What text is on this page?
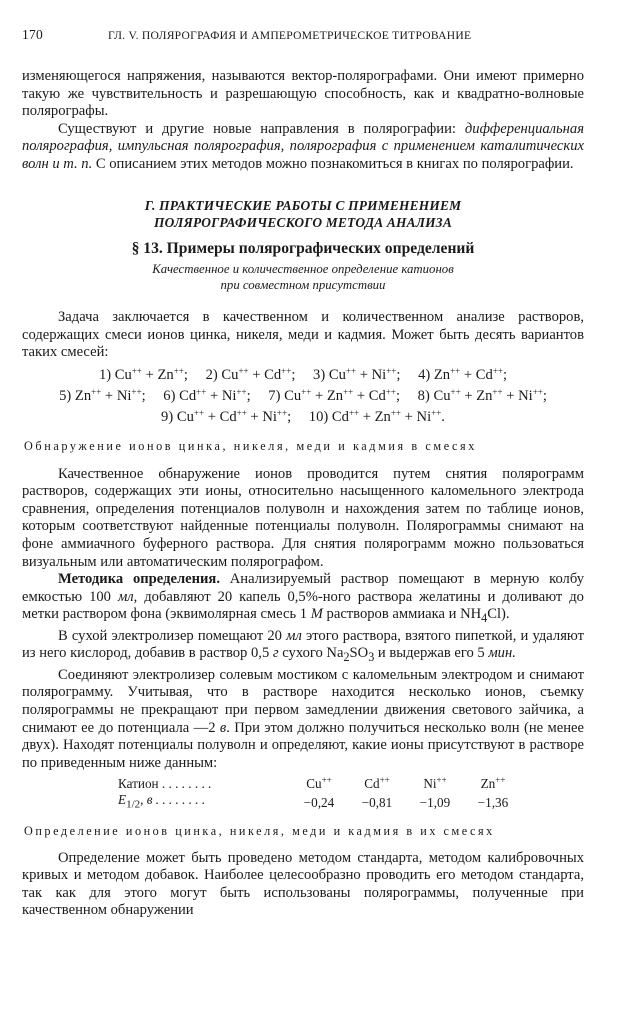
170	ГЛ. V. ПОЛЯРОГРАФИЯ И АМПЕРОМЕТРИЧЕСКОЕ ТИТРОВАНИЕ

изменяющегося напряжения, называются вектор-полярографами. Они имеют примерно такую же чувствительность и разрешающую способность, как и квадратно-волновые полярографы.

Существуют и другие новые направления в полярографии: дифференциальная полярография, импульсная полярография, полярография с применением каталитических волн и т. п. С описанием этих методов можно познакомиться в книгах по полярографии.

Г. ПРАКТИЧЕСКИЕ РАБОТЫ С ПРИМЕНЕНИЕМ
ПОЛЯРОГРАФИЧЕСКОГО МЕТОДА АНАЛИЗА
§ 13. Примеры полярографических определений
Качественное и количественное определение катионов
при совместном присутствии

Задача заключается в качественном и количественном анализе растворов, содержащих смеси ионов цинка, никеля, меди и кадмия. Может быть десять вариантов таких смесей:

1) Cu++ + Zn++; 2) Cu++ + Cd++; 3) Cu++ + Ni++; 4) Zn++ + Cd++;
5) Zn++ + Ni++; 6) Cd++ + Ni++; 7) Cu++ + Zn++ + Cd++; 8) Cu++ + Zn++ + Ni++;
9) Cu++ + Cd++ + Ni++; 10) Cd++ + Zn++ + Ni++.
Обнаружение ионов цинка, никеля, меди и кадмия в смесях

Качественное обнаружение ионов проводится путем снятия полярограмм растворов, содержащих эти ионы, относительно насыщенного каломельного электрода сравнения, определения потенциалов полуволн и нахождения затем по таблице ионов, которым соответствуют найденные потенциалы полуволн. Полярограммы снимают на фоне аммиачного буферного раствора. Для снятия полярограмм можно пользоваться визуальным или автоматическим полярографом.

Методика определения. Анализируемый раствор помещают в мерную колбу емкостью 100 мл, добавляют 20 капель 0,5%-ного раствора желатины и доливают до метки раствором фона (эквимолярная смесь 1 М растворов аммиака и $NH_4Cl$).

В сухой электролизер помещают 20 мл этого раствора, взятого пипеткой, и удаляют из него кислород, добавив в раствор 0,5 г сухого $Na_2SO_3$ и выдержав его 5 мин.

Соединяют электролизер солевым мостиком с каломельным электродом и снимают полярограмму. Учитывая, что в растворе находится несколько ионов, съемку полярограммы не прекращают при первом замедлении движения светового зайчика, а снимают ее до потенциала —2 в. При этом должно получиться несколько волн (не менее двух). Находят потенциалы полуволн и определяют, какие ионы присутствуют в растворе по приведенным ниже данным:

Катион . . . . . . . .	Cu++	Cd++	Ni++	Zn++
$E_{1/2}$, в . . . . . . . .	−0,24	−0,81	−1,09	−1,36
Определение ионов цинка, никеля, меди и кадмия в их смесях

Определение может быть проведено методом стандарта, методом калибровочных кривых и методом добавок. Наиболее целесообразно проводить его методом стандарта, так как для этого могут быть использованы полярограммы, полученные при качественном обнаружении
